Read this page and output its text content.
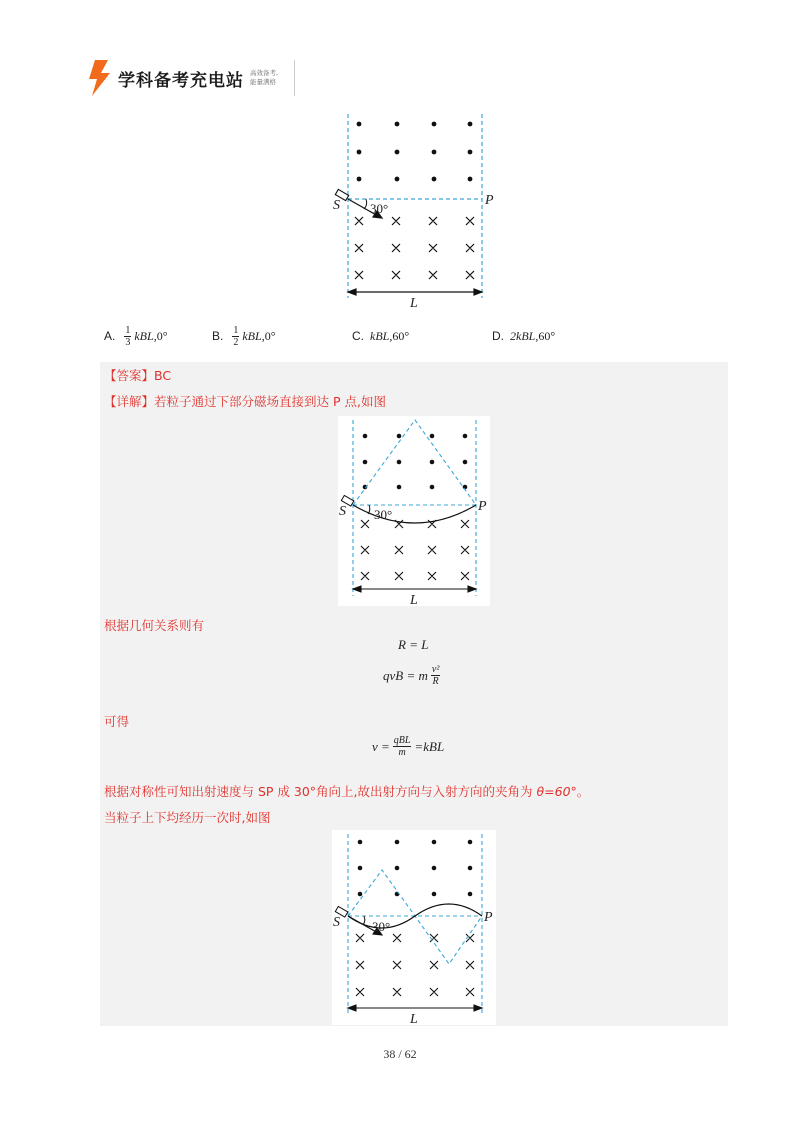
学科备考充电站 高效备考,
能量满格
30°
S	P
L
A. $\frac{1}{3}$ kBL ,0°	B. $\frac{1}{2}$ kBL ,0°	C. kBL ,60°	D. 2kBL ,60°
【答案】BC
【详解】若粒子通过下部分磁场直接到达 P 点,如图
30°
S	P
L
根据几何关系则有
R = L
qvB = m $\frac{\text{v²}}{R}$
可得
$v = \frac{\text{qBL}}{m} =kBL$
根据对称性可知出射速度与 SP 成 30°角向上,故出射方向与入射方向的夹角为 θ=60°。
当粒子上下均经历一次时,如图
30°
S	P
L
38 / 62
